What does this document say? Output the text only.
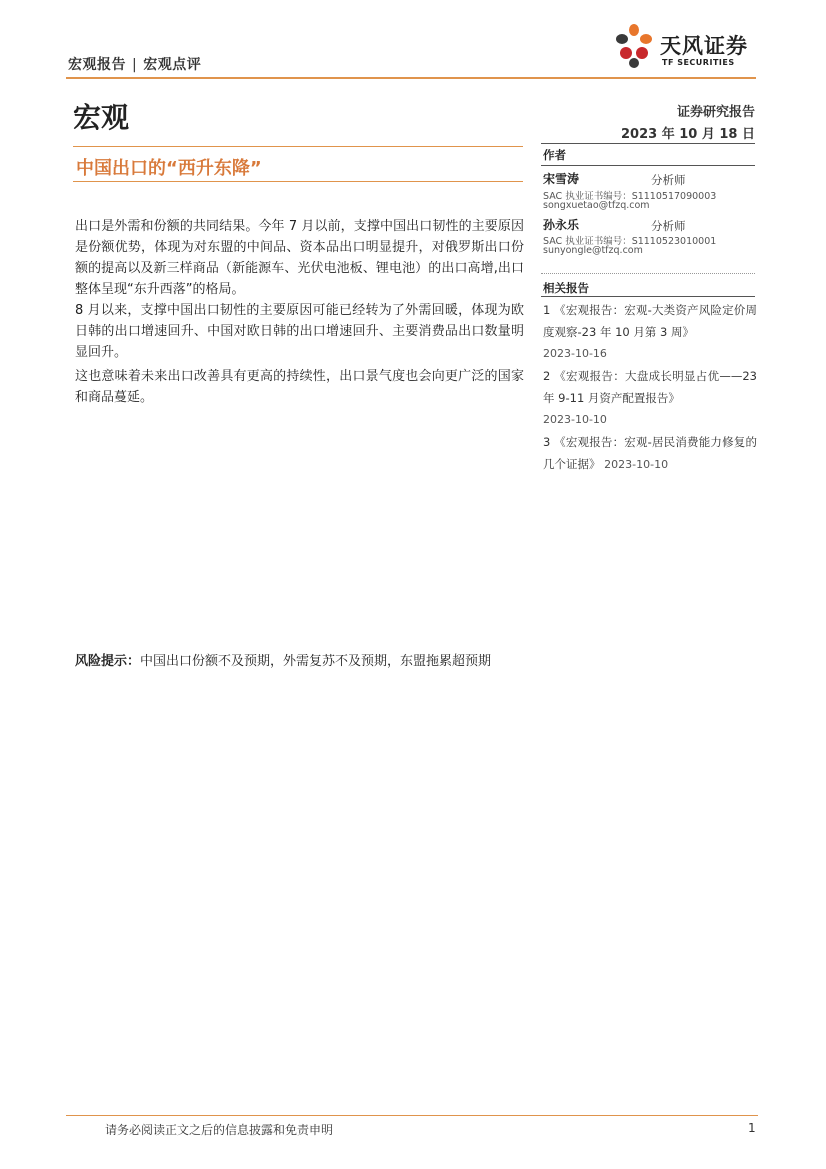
宏观报告 | 宏观点评
天风证券
TF SECURITIES
宏观	证券研究报告
2023 年 10 月 18 日
中国出口的“西升东降”

出口是外需和份额的共同结果。今年 7 月以前，支撑中国出口韧性的主要原因是份额优势，体现为对东盟的中间品、资本品出口明显提升，对俄罗斯出口份额的提高以及新三样商品（新能源车、光伏电池板、锂电池）的出口高增,出口整体呈现“东升西落”的格局。

8 月以来，支撑中国出口韧性的主要原因可能已经转为了外需回暖，体现为欧日韩的出口增速回升、中国对欧日韩的出口增速回升、主要消费品出口数量明显回升。

这也意味着未来出口改善具有更高的持续性，出口景气度也会向更广泛的国家和商品蔓延。

风险提示：中国出口份额不及预期，外需复苏不及预期，东盟拖累超预期
作者
宋雪涛	分析师
SAC 执业证书编号：S1110517090003
songxuetao@tfzq.com
孙永乐	分析师
SAC 执业证书编号：S1110523010001
sunyongle@tfzq.com
相关报告
1 《宏观报告：宏观-大类资产风险定价周度观察-23 年 10 月第 3 周》
2023-10-16
2 《宏观报告：大盘成长明显占优——23 年 9-11 月资产配置报告》
2023-10-10
3 《宏观报告：宏观-居民消费能力修复的几个证据》 2023-10-10
请务必阅读正文之后的信息披露和免责申明	1
